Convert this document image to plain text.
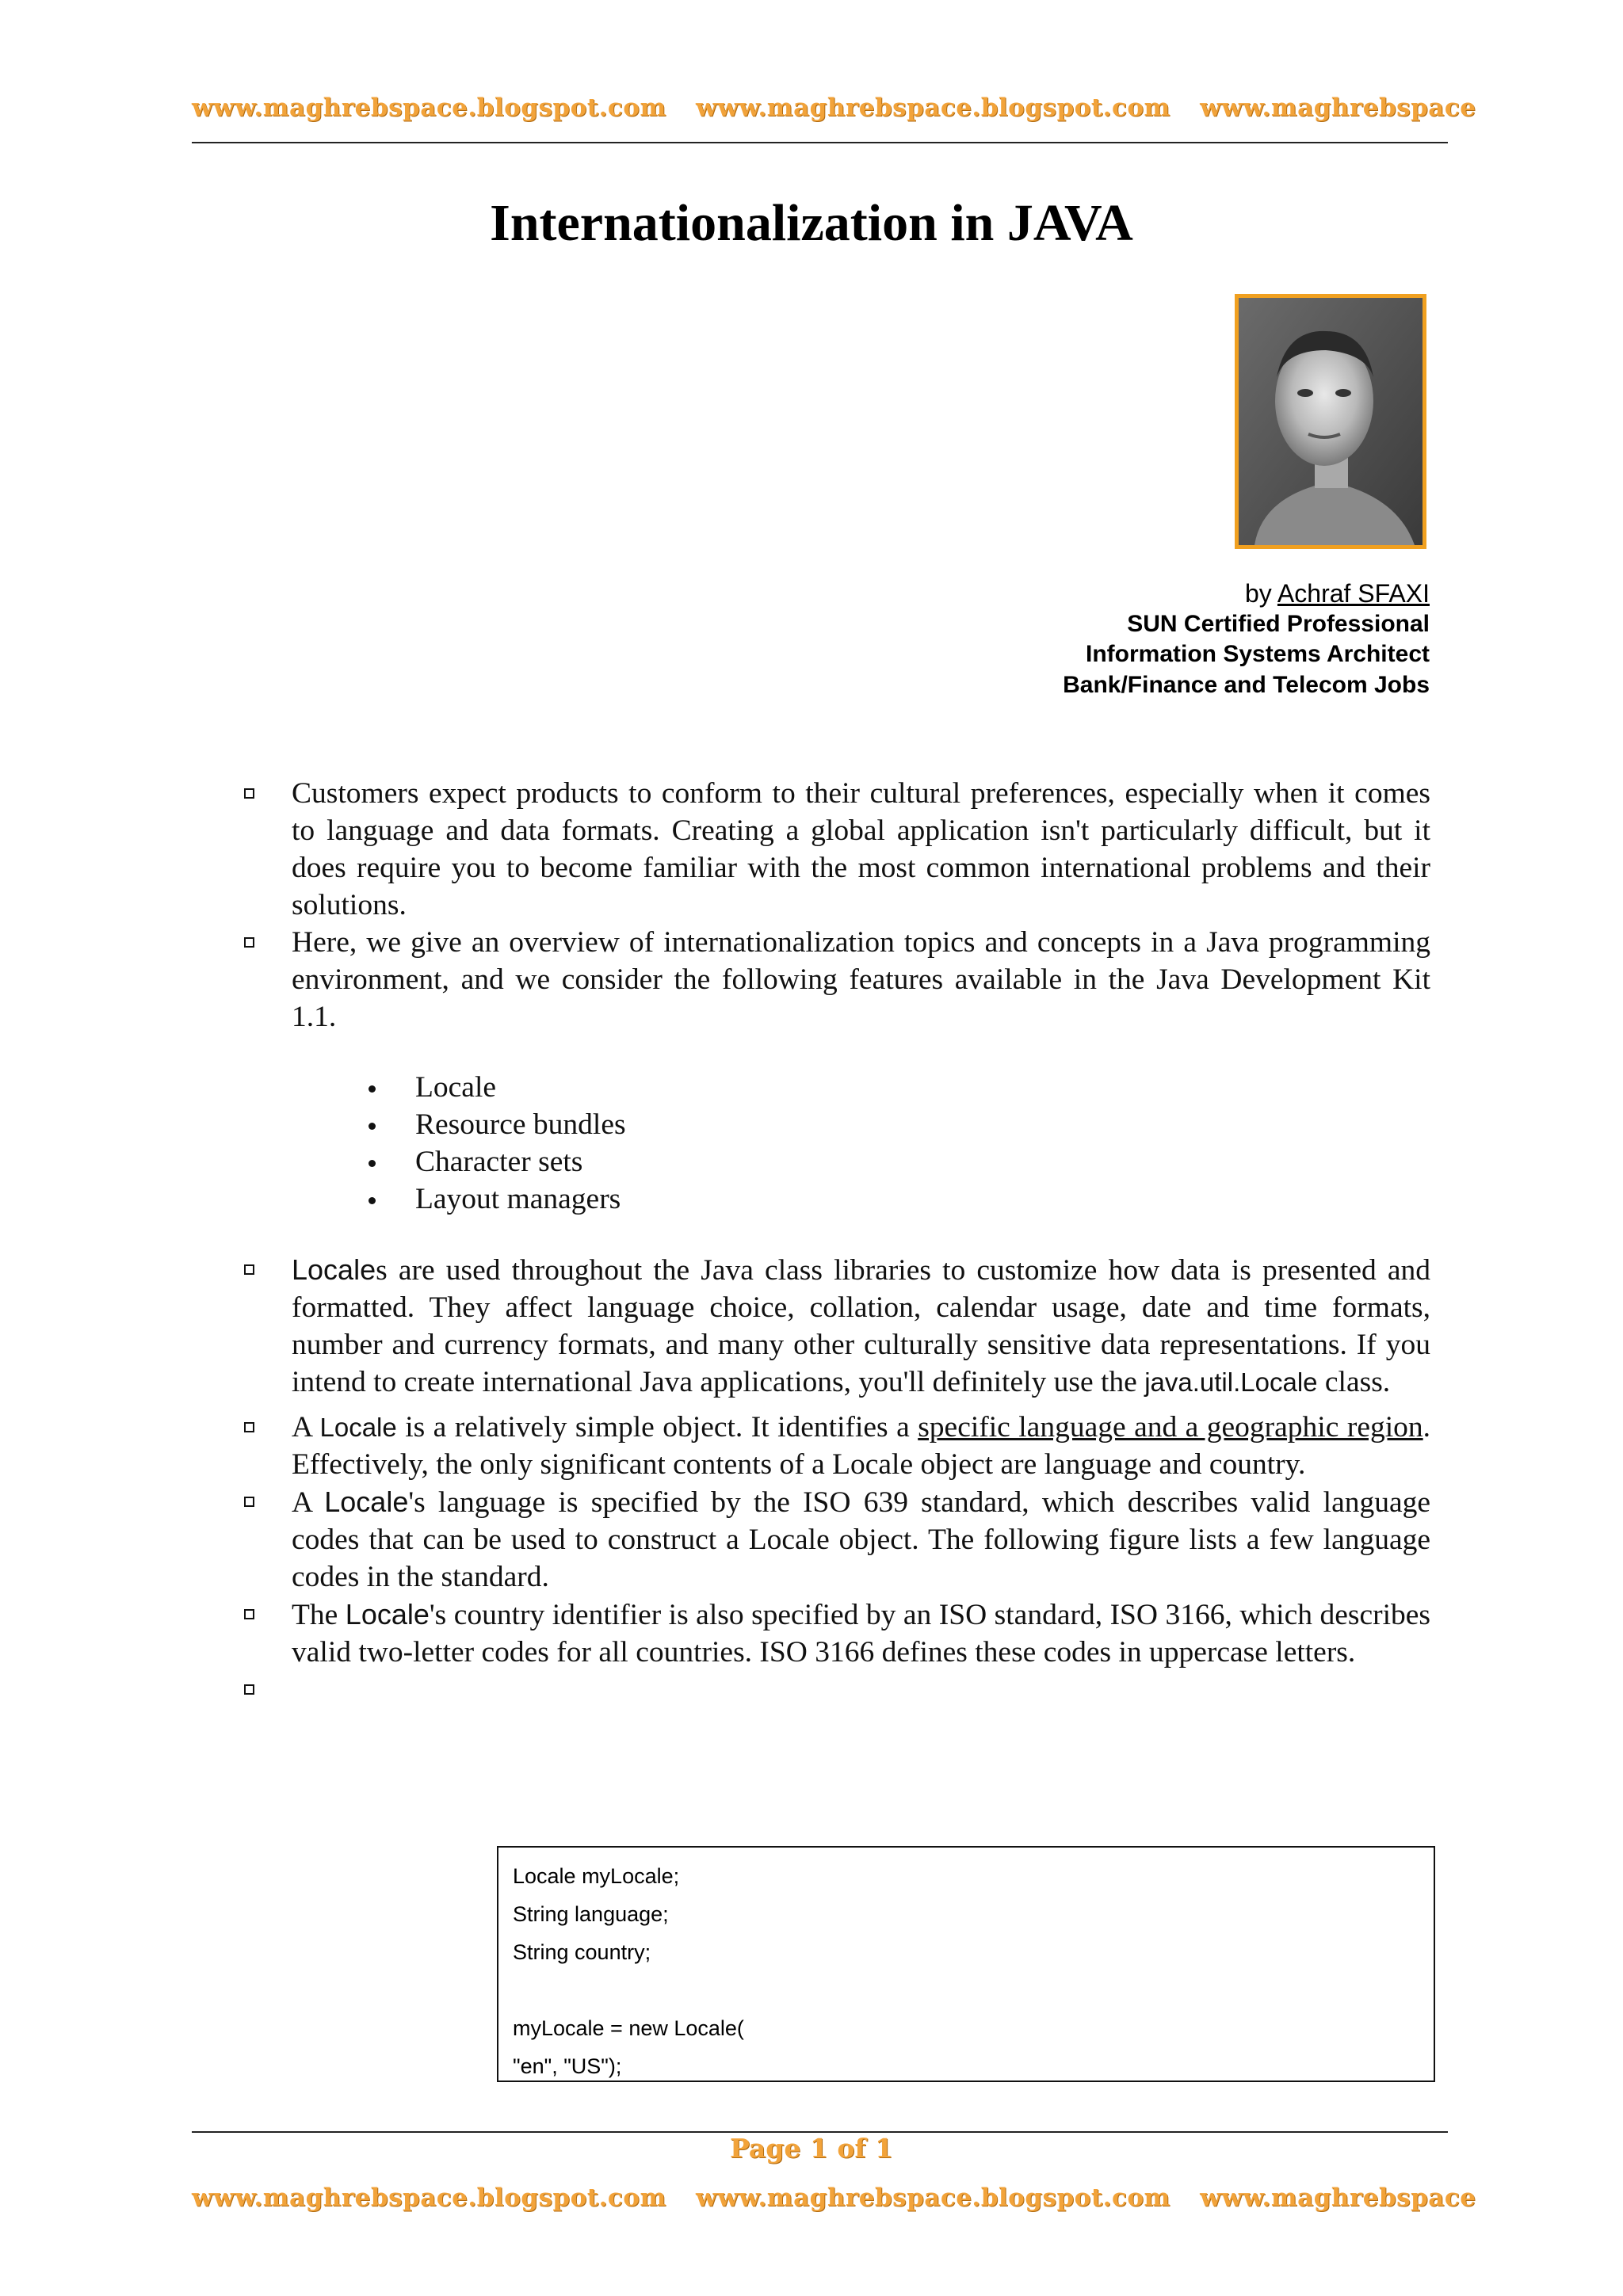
www.maghrebspace.blogspot.com www.maghrebspace.blogspot.com www.maghrebspace
Internationalization in JAVA
by Achraf SFAXI
SUN Certified Professional
Information Systems Architect
Bank/Finance and Telecom Jobs
Customers expect products to conform to their cultural preferences, especially when it comes to language and data formats. Creating a global application isn't particularly difficult, but it does require you to become familiar with the most common international problems and their solutions.
Here, we give an overview of internationalization topics and concepts in a Java programming environment, and we consider the following features available in the Java Development Kit 1.1.
Locale
Resource bundles
Character sets
Layout managers
Locales are used throughout the Java class libraries to customize how data is presented and formatted. They affect language choice, collation, calendar usage, date and time formats, number and currency formats, and many other culturally sensitive data representations. If you intend to create international Java applications, you'll definitely use the java.util.Locale class.
A Locale is a relatively simple object. It identifies a specific language and a geographic region. Effectively, the only significant contents of a Locale object are language and country.
A Locale's language is specified by the ISO 639 standard, which describes valid language codes that can be used to construct a Locale object. The following figure lists a few language codes in the standard.
The Locale's country identifier is also specified by an ISO standard, ISO 3166, which describes valid two-letter codes for all countries. ISO 3166 defines these codes in uppercase letters.
Locale myLocale;
String language;
String country;
myLocale = new Locale(
"en", "US");
Page 1 of 1
www.maghrebspace.blogspot.com www.maghrebspace.blogspot.com www.maghrebspace
